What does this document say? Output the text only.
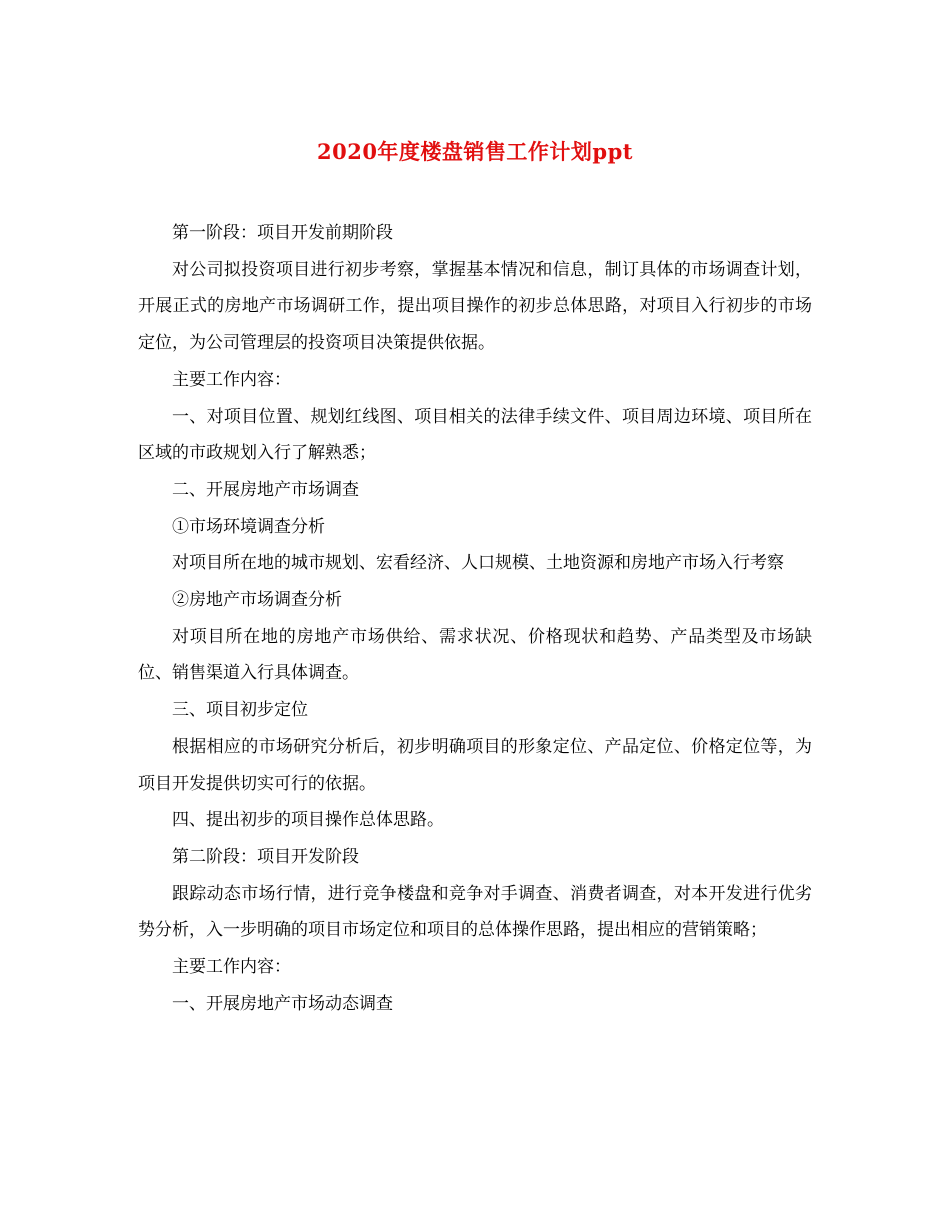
2020年度楼盘销售工作计划ppt

第一阶段：项目开发前期阶段

对公司拟投资项目进行初步考察，掌握基本情况和信息，制订具体的市场调查计划，开展正式的房地产市场调研工作，提出项目操作的初步总体思路，对项目入行初步的市场定位，为公司管理层的投资项目决策提供依据。

主要工作内容：

一、对项目位置、规划红线图、项目相关的法律手续文件、项目周边环境、项目所在区域的市政规划入行了解熟悉；

二、开展房地产市场调查

①市场环境调查分析

对项目所在地的城市规划、宏看经济、人口规模、土地资源和房地产市场入行考察

②房地产市场调查分析

对项目所在地的房地产市场供给、需求状况、价格现状和趋势、产品类型及市场缺位、销售渠道入行具体调查。

三、项目初步定位

根据相应的市场研究分析后，初步明确项目的形象定位、产品定位、价格定位等，为项目开发提供切实可行的依据。

四、提出初步的项目操作总体思路。

第二阶段：项目开发阶段

跟踪动态市场行情，进行竞争楼盘和竞争对手调查、消费者调查，对本开发进行优劣势分析，入一步明确的项目市场定位和项目的总体操作思路，提出相应的营销策略；

主要工作内容：

一、开展房地产市场动态调查
